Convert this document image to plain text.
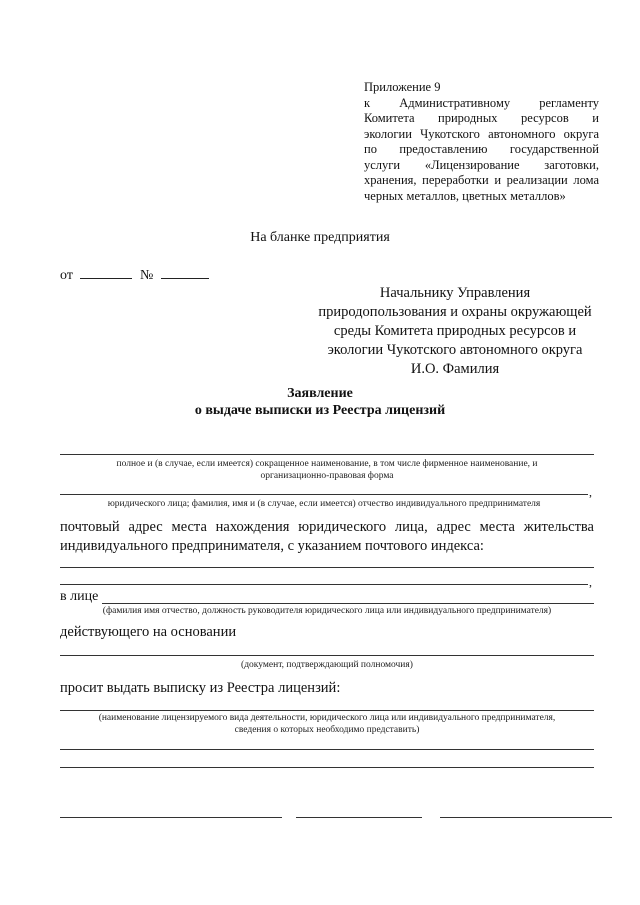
Приложение 9
к Административному регламенту
Комитета природных ресурсов и
экологии Чукотского автономного округа
по предоставлению государственной
услуги «Лицензирование заготовки,
хранения, переработки и реализации лома
черных металлов, цветных металлов»
На бланке предприятия
от	№
Начальнику Управления
природопользования и охраны окружающей
среды Комитета природных ресурсов и
экологии Чукотского автономного округа
И.О. Фамилия
Заявление
о выдаче выписки из Реестра лицензий
полное и (в случае, если имеется) сокращенное наименование, в том числе фирменное наименование, и
организационно-правовая форма
,
юридического лица; фамилия, имя и (в случае, если имеется) отчество индивидуального предпринимателя
почтовый адрес места нахождения юридического лица, адрес места жительства
индивидуального предпринимателя, с указанием почтового индекса:
,
в лице
(фамилия имя отчество, должность руководителя юридического лица или индивидуального предпринимателя)
действующего на основании
(документ, подтверждающий полномочия)
просит выдать выписку из Реестра лицензий:
(наименование лицензируемого вида деятельности, юридического лица или индивидуального предпринимателя,
сведения о которых необходимо представить)
